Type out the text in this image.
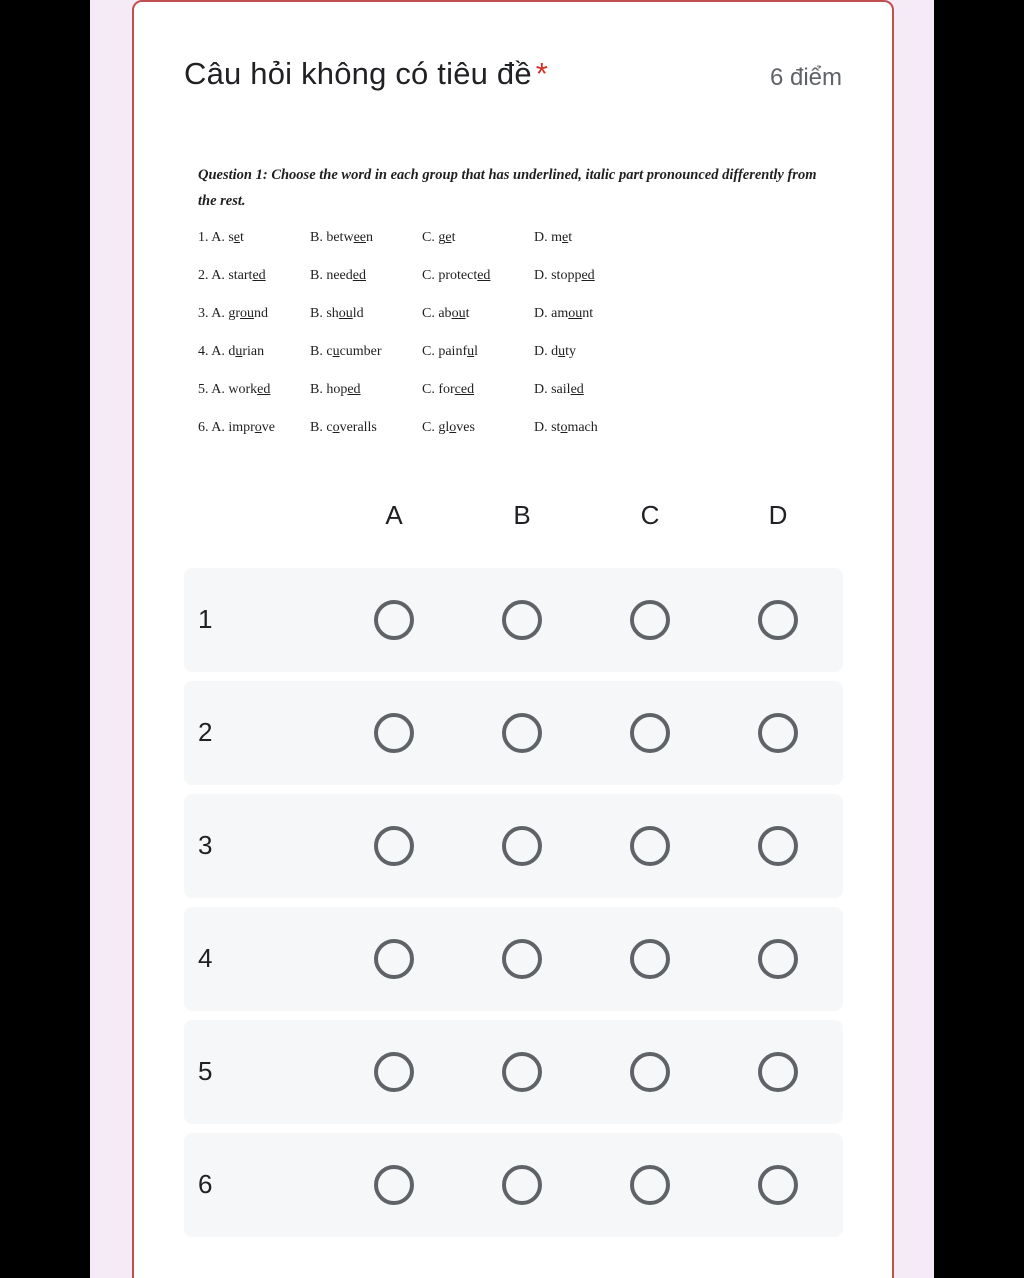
Câu hỏi không có tiêu đề *	6 điểm
Question 1: Choose the word in each group that has underlined, italic part pronounced differently from the rest.
1. A. set	B. between	C. get	D. met
2. A. started	B. needed	C. protected	D. stopped
3. A. ground	B. should	C. about	D. amount
4. A. durian	B. cucumber	C. painful	D. duty
5. A. worked	B. hoped	C. forced	D. sailed
6. A. improve B. coveralls	C. gloves	D. stomach
A	B	C	D
1
2
3
4
5
6
